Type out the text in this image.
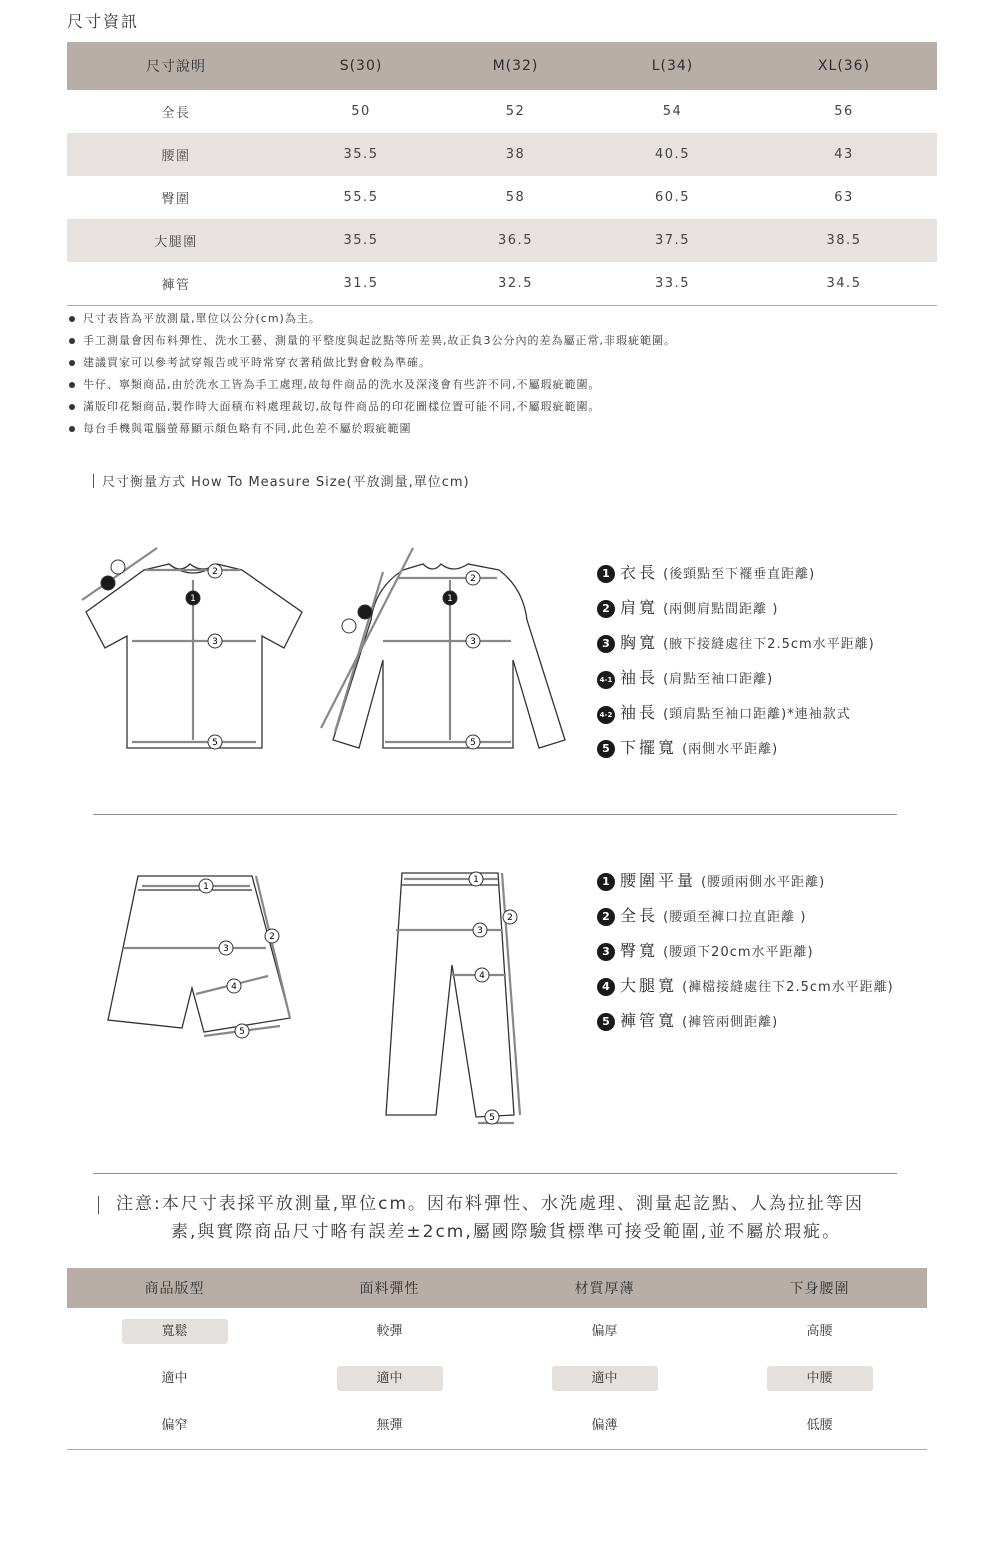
尺寸資訊
尺寸說明	S(30)	M(32)	L(34)	XL(36)
全長	50	52	54	56
腰圍	35.5	38	40.5	43
臀圍	55.5	58	60.5	63
大腿圍	35.5	36.5	37.5	38.5
褲管	31.5	32.5	33.5	34.5
尺寸表皆為平放測量,單位以公分(cm)為主。
手工測量會因布料彈性、洗水工藝、測量的平整度與起訖點等所差異,故正負3公分內的差為屬正常,非瑕疵範圍。
建議買家可以參考試穿報告或平時常穿衣著稍做比對會較為準確。
牛仔、寧類商品,由於洗水工皆為手工處理,故每件商品的洗水及深淺會有些許不同,不屬瑕疵範圍。
滿版印花類商品,製作時大面積布料處理裁切,故每件商品的印花圖樣位置可能不同,不屬瑕疵範圍。
每台手機與電腦螢幕顯示顏色略有不同,此色差不屬於瑕疵範圍
尺寸衡量方式 How To Measure Size(平放測量,單位cm)
1
3
5
2
1
3
5
2	1 衣長 (後頸點至下襬垂直距離)
2 肩寬 (兩側肩點間距離 )
3 胸寬 (腋下接縫處往下2.5cm水平距離)
4-1 袖長 (肩點至袖口距離)
4-2 袖長 (頸肩點至袖口距離)*連袖款式
5 下擺寬 (兩側水平距離)
1
3
4
5
2
1
3
4
5
2
1 腰圍平量 (腰頭兩側水平距離)
2 全長 (腰頭至褲口拉直距離 )
3 臀寬 (腰頭下20cm水平距離)
4 大腿寬 (褲檔接縫處往下2.5cm水平距離)
5 褲管寬 (褲管兩側距離)
注意:本尺寸表採平放測量,單位cm。因布料彈性、水洗處理、測量起訖點、人為拉扯等因
素,與實際商品尺寸略有誤差±2cm,屬國際驗貨標準可接受範圍,並不屬於瑕疵。
商品版型	面料彈性	材質厚薄	下身腰圍
寬鬆	較彈	偏厚	高腰
適中	適中	適中	中腰
偏窄	無彈	偏薄	低腰
